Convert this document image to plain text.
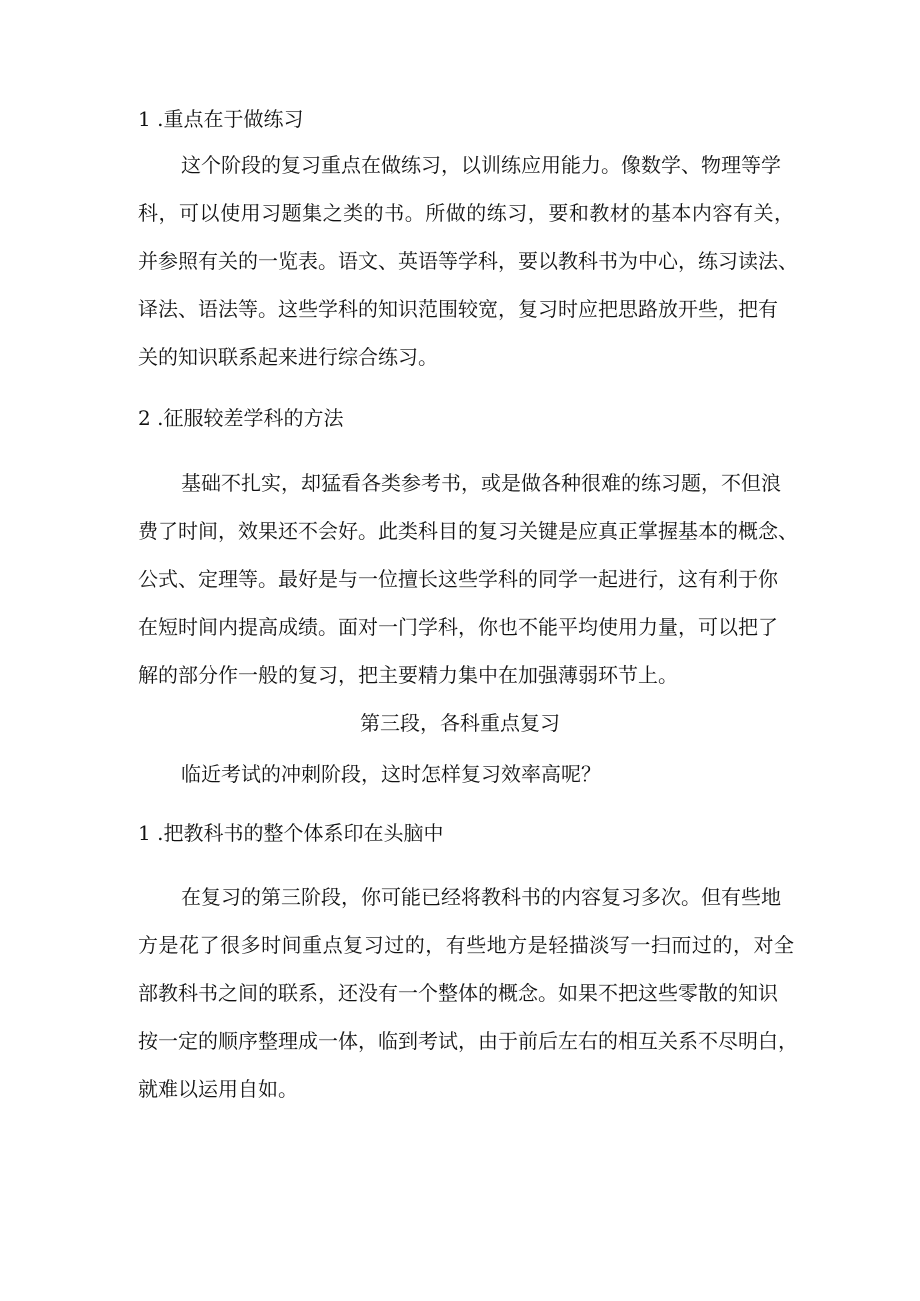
1 .重点在于做练习

这个阶段的复习重点在做练习，以训练应用能力。像数学、物理等学

科，可以使用习题集之类的书。所做的练习，要和教材的基本内容有关，

并参照有关的一览表。语文、英语等学科，要以教科书为中心，练习读法、

译法、语法等。这些学科的知识范围较宽，复习时应把思路放开些，把有

关的知识联系起来进行综合练习。

2 .征服较差学科的方法

基础不扎实，却猛看各类参考书，或是做各种很难的练习题，不但浪

费了时间，效果还不会好。此类科目的复习关键是应真正掌握基本的概念、

公式、定理等。最好是与一位擅长这些学科的同学一起进行，这有利于你

在短时间内提高成绩。面对一门学科，你也不能平均使用力量，可以把了

解的部分作一般的复习，把主要精力集中在加强薄弱环节上。

第三段，各科重点复习

临近考试的冲刺阶段，这时怎样复习效率高呢？

1 .把教科书的整个体系印在头脑中

在复习的第三阶段，你可能已经将教科书的内容复习多次。但有些地

方是花了很多时间重点复习过的，有些地方是轻描淡写一扫而过的，对全

部教科书之间的联系，还没有一个整体的概念。如果不把这些零散的知识

按一定的顺序整理成一体，临到考试，由于前后左右的相互关系不尽明白，

就难以运用自如。
